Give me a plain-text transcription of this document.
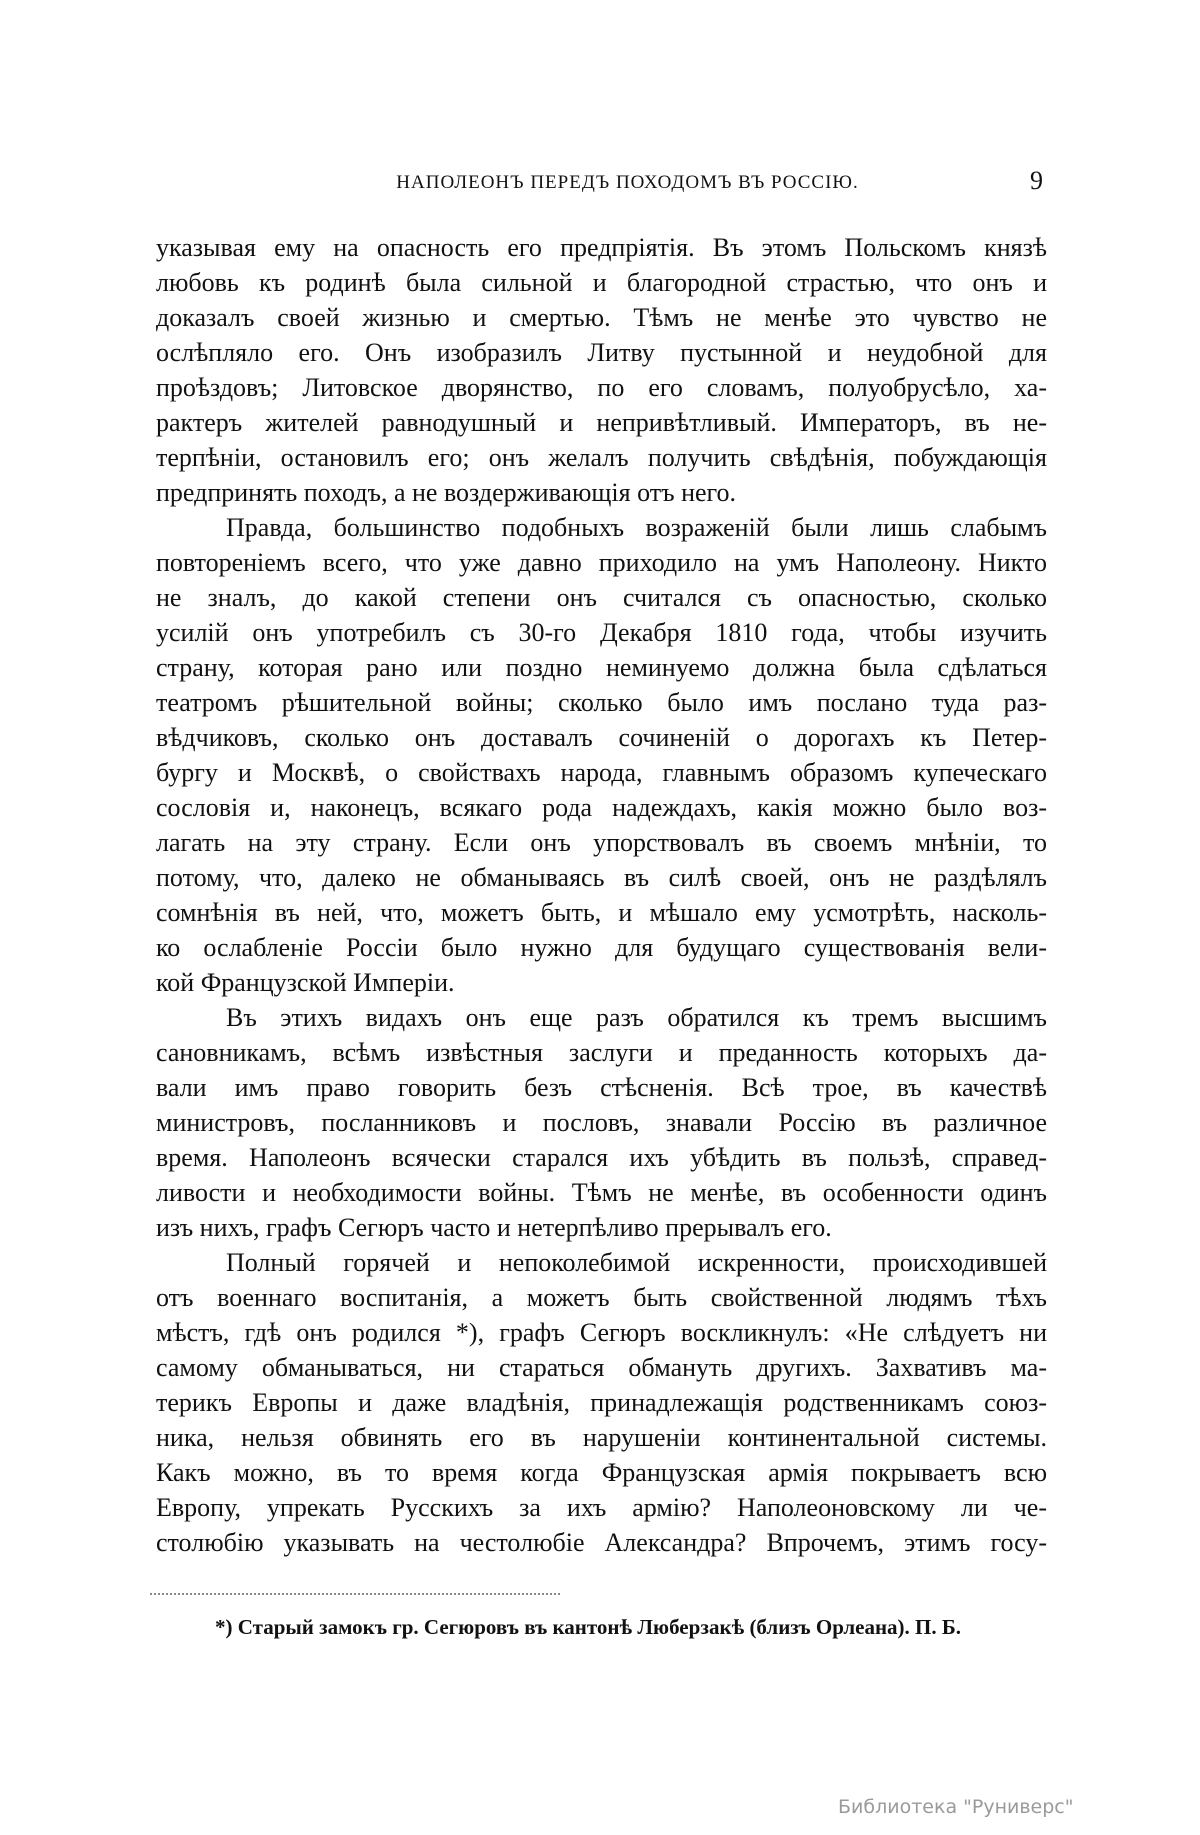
НАПОЛЕОНЪ ПЕРЕДЪ ПОХОДОМЪ ВЪ РОССІЮ.	9
указывая ему на опасность его предпріятія. Въ этомъ Польскомъ князѣ
любовь къ родинѣ была сильной и благородной страстью, что онъ и
доказалъ своей жизнью и смертью. Тѣмъ не менѣе это чувство не
ослѣпляло его. Онъ изобразилъ Литву пустынной и неудобной для
проѣздовъ; Литовское дворянство, по его словамъ, полуобрусѣло, ха-
рактеръ жителей равнодушный и непривѣтливый. Императоръ, въ не-
терпѣніи, остановилъ его; онъ желалъ получить свѣдѣнія, побуждающія
предпринять походъ, а не воздерживающія отъ него.
Правда, большинство подобныхъ возраженій были лишь слабымъ
повтореніемъ всего, что уже давно приходило на умъ Наполеону. Никто
не зналъ, до какой степени онъ считался съ опасностью, сколько
усилій онъ употребилъ съ 30-го Декабря 1810 года, чтобы изучить
страну, которая рано или поздно неминуемо должна была сдѣлаться
театромъ рѣшительной войны; сколько было имъ послано туда раз-
вѣдчиковъ, сколько онъ доставалъ сочиненій о дорогахъ къ Петер-
бургу и Москвѣ, о свойствахъ народа, главнымъ образомъ купеческаго
сословія и, наконецъ, всякаго рода надеждахъ, какія можно было воз-
лагать на эту страну. Если онъ упорствовалъ въ своемъ мнѣніи, то
потому, что, далеко не обманываясь въ силѣ своей, онъ не раздѣлялъ
сомнѣнія въ ней, что, можетъ быть, и мѣшало ему усмотрѣть, насколь-
ко ослабленіе Россіи было нужно для будущаго существованія вели-
кой Французской Имперіи.
Въ этихъ видахъ онъ еще разъ обратился къ тремъ высшимъ
сановникамъ, всѣмъ извѣстныя заслуги и преданность которыхъ да-
вали имъ право говорить безъ стѣсненія. Всѣ трое, въ качествѣ
министровъ, посланниковъ и пословъ, знавали Россію въ различное
время. Наполеонъ всячески старался ихъ убѣдить въ пользѣ, справед-
ливости и необходимости войны. Тѣмъ не менѣе, въ особенности одинъ
изъ нихъ, графъ Сегюръ часто и нетерпѣливо прерывалъ его.
Полный горячей и непоколебимой искренности, происходившей
отъ военнаго воспитанія, а можетъ быть свойственной людямъ тѣхъ
мѣстъ, гдѣ онъ родился *), графъ Сегюръ воскликнулъ: «Не слѣдуетъ ни
самому обманываться, ни стараться обмануть другихъ. Захвативъ ма-
терикъ Европы и даже владѣнія, принадлежащія родственникамъ союз-
ника, нельзя обвинять его въ нарушеніи континентальной системы.
Какъ можно, въ то время когда Французская армія покрываетъ всю
Европу, упрекать Русскихъ за ихъ армію? Наполеоновскому ли че-
столюбію указывать на честолюбіе Александра? Впрочемъ, этимъ госу-
*) Старый замокъ гр. Сегюровъ въ кантонѣ Люберзакѣ (близъ Орлеана). П. Б.
Библиотека "Руниверс"
